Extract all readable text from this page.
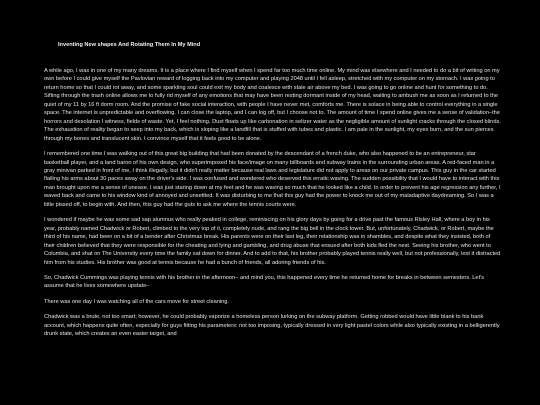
Inventing New shapes And Rotating Them In My Mind

A while ago, I was in one of my many dreams. It is a place where I find myself when I spend far too much time online. My mind was elsewhere and I needed to do a bit of writing on my own before I could give myself the Pavlovian reward of logging back into my computer and playing 2048 until I fell asleep, stretched with my computer on my stomach. I was going to return home so that I could rot away, and some sparkling soul could exit my body and coalesce with stale air above my bed. I was going to go online and hunt for something to do. Sifting through the trash online allows me to fully rid myself of any emotions that may have been resting dormant inside of my head, waiting to ambush me as soon as I returned to the quiet of my 11 by 16 ft dorm room. And the promise of fake social interaction, with people I have never met, comforts me. There is solace in being able to control everything in a single space. The internet is unpredictable and overflowing. I can close the laptop, and I can log off, but I choose not to. The amount of time I spend online gives me a sense of validation–the horrors and desolation I witness, fields of waste. Yet, I feel nothing. Dust floats up like carbonation in seltzer water as the negligible amount of sunlight cracks through the closed blinds. The exhaustion of reality began to seep into my back, which is sloping like a landfill that is stuffed with tubes and plastic. I am pale in the sunlight, my eyes burn, and the sun pierces through my bones and translucent skin. I convince myself that it feels good to be alone.

I remembered one time I was walking out of this great big building that had been donated by the descendant of a french duke, who also happened to be an entrepreneur, star basketball player, and a land baron of his own design, who superimposed his face/image on many billboards and subway trains in the surrounding urban areas. A red-faced man in a gray minivan parked in front of me, I think illegally, but it didn't really matter because real laws and legislature did not apply to areas on our private campus. This guy in the car started flailing his arms about 30 paces away on the driver's side. I was confused and wondered who deserved this erratic waving. The sudden possibility that I would have to interact with this man brought upon me a sense of unease. I was just staring down at my feet and he was waving so much that he looked like a child. In order to prevent his age regression any further, I waved back and came to his window kind of annoyed and unsettled. It was disturbing to me that this guy had the power to knock me out of my maladaptive daydreaming. So I was a little pissed off, to begin with. And then, this guy had the guts to ask me where the tennis courts were.

I wondered if maybe he was some sad sap alumnus who really peaked in college, reminiscing on his glory days by going for a drive past the famous Risley Hall, where a boy in his year, probably named Chadwick or Robert, climbed to the very top of it, completely nude, and rang the big bell in the clock tower. But, unfortunately, Chadwick, or Robert, maybe the third of his name, had been on a bit of a bender after Christmas break. His parents were on their last leg, their relationship was in shambles, and despite what they insisted, both of their children believed that they were responsible for the cheating and lying and gambling, and drug abuse that ensued after both kids fled the nest. Seeing his brother, who went to Columbia, and shat on The University every time the family sat down for dinner. And to add to that, his brother probably played tennis really well, but not professionally, lest it distracted him from his studies. His brother was good at tennis because he had a bunch of friends, all adoring friends of his.

So, Chadwick Cummings was playing tennis with his brother in the afternoon– and mind you, this happened every time he returned home for breaks in between semesters. Let's assume that he lives somewhere upstate–

There was one day I was watching all of the cars move for street cleaning.

Chadwick was a brute, not too smart; however, he could probably vaporize a homeless person lurking on the subway platform. Getting robbed would have little blank to his bank account, which happens quite often, especially for guys fitting his parameters: not too imposing, typically dressed in very light pastel colors while also typically existing in a belligerently drunk state, which creates an even easier target, and
